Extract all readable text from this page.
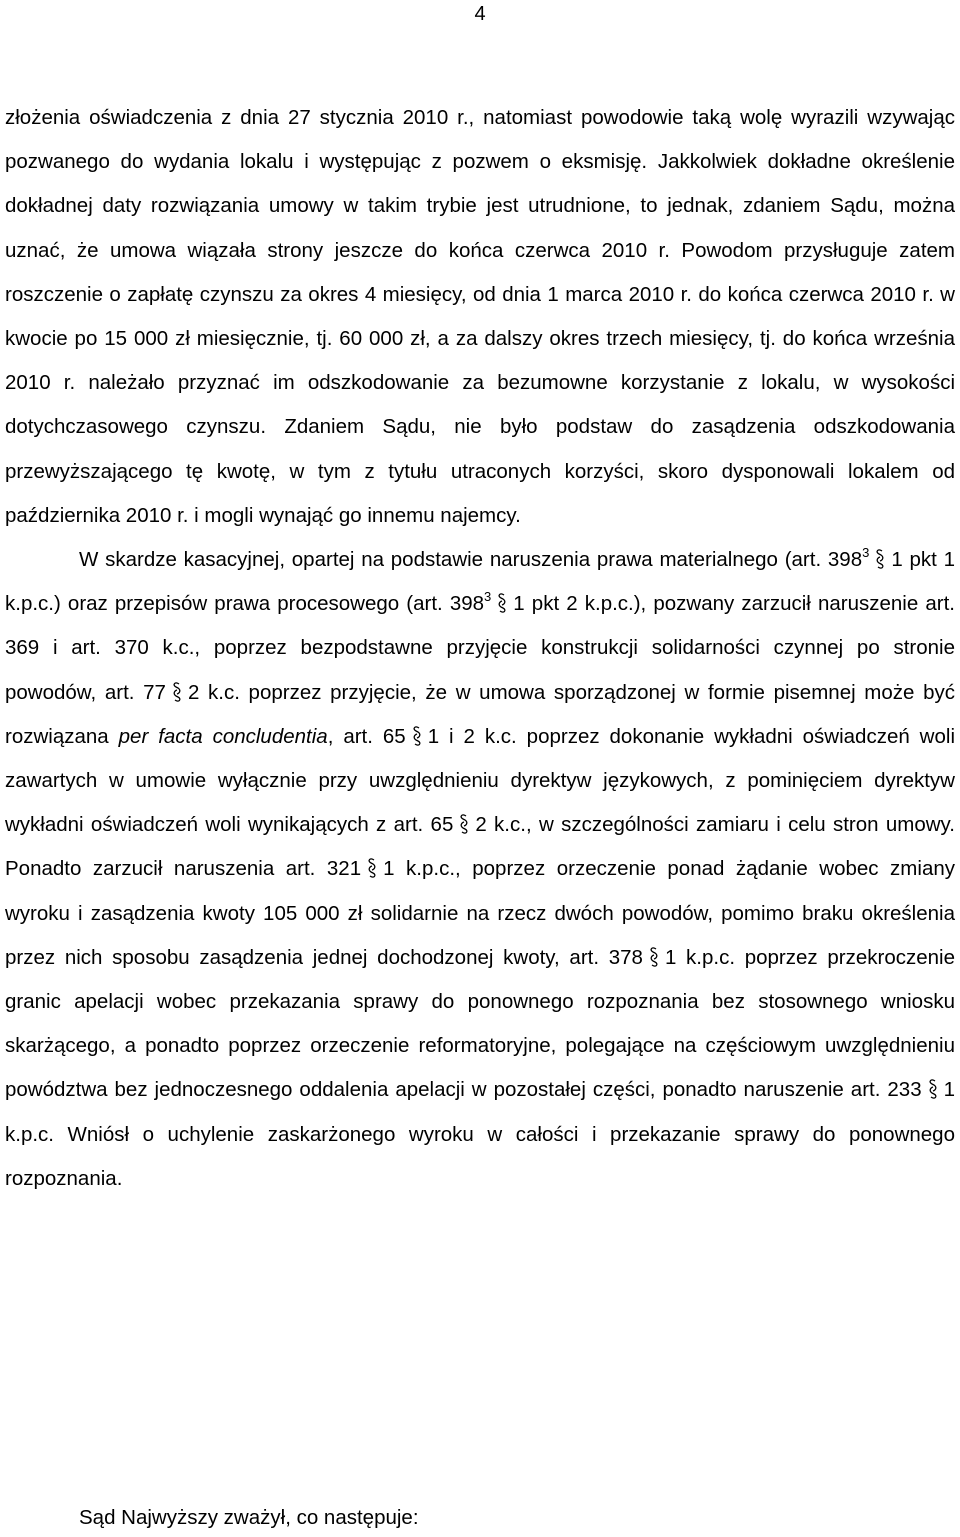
4

złożenia oświadczenia z dnia 27 stycznia 2010 r., natomiast powodowie taką wolę wyrazili wzywając pozwanego do wydania lokalu i występując z pozwem o eksmisję. Jakkolwiek dokładne określenie dokładnej daty rozwiązania umowy w takim trybie jest utrudnione, to jednak, zdaniem Sądu, można uznać, że umowa wiązała strony jeszcze do końca czerwca 2010 r. Powodom przysługuje zatem roszczenie o zapłatę czynszu za okres 4 miesięcy, od dnia 1 marca 2010 r. do końca czerwca 2010 r. w kwocie po 15 000 zł miesięcznie, tj. 60 000 zł, a za dalszy okres trzech miesięcy, tj. do końca września 2010 r. należało przyznać im odszkodowanie za bezumowne korzystanie z lokalu, w wysokości dotychczasowego czynszu. Zdaniem Sądu, nie było podstaw do zasądzenia odszkodowania przewyższającego tę kwotę, w tym z tytułu utraconych korzyści, skoro dysponowali lokalem od października 2010 r. i mogli wynająć go innemu najemcy.

W skardze kasacyjnej, opartej na podstawie naruszenia prawa materialnego (art. $398^3$ 1 pkt 1 k.p.c.) oraz przepisów prawa procesowego (art. $398^3$ 1 pkt 2 k.p.c.), pozwany zarzucił naruszenie art. 369 i art. 370 k.c., poprzez bezpodstawne przyjęcie konstrukcji solidarności czynnej po stronie powodów, art. 77 2 k.c. poprzez przyjęcie, że w umowa sporządzonej w formie pisemnej może być rozwiązana per facta concludentia, art. 65 1 i 2 k.c. poprzez dokonanie wykładni oświadczeń woli zawartych w umowie wyłącznie przy uwzględnieniu dyrektyw językowych, z pominięciem dyrektyw wykładni oświadczeń woli wynikających z art. 65 2 k.c., w szczególności zamiaru i celu stron umowy. Ponadto zarzucił naruszenia art. 321 1 k.p.c., poprzez orzeczenie ponad żądanie wobec zmiany wyroku i zasądzenia kwoty 105 000 zł solidarnie na rzecz dwóch powodów, pomimo braku określenia przez nich sposobu zasądzenia jednej dochodzonej kwoty, art. 378 1 k.p.c. poprzez przekroczenie granic apelacji wobec przekazania sprawy do ponownego rozpoznania bez stosownego wniosku skarżącego, a ponadto poprzez orzeczenie reformatoryjne, polegające na częściowym uwzględnieniu powództwa bez jednoczesnego oddalenia apelacji w pozostałej części, ponadto naruszenie art. 233 1 k.p.c. Wniósł o uchylenie zaskarżonego wyroku w całości i przekazanie sprawy do ponownego rozpoznania.

Sąd Najwyższy zważył, co następuje:
